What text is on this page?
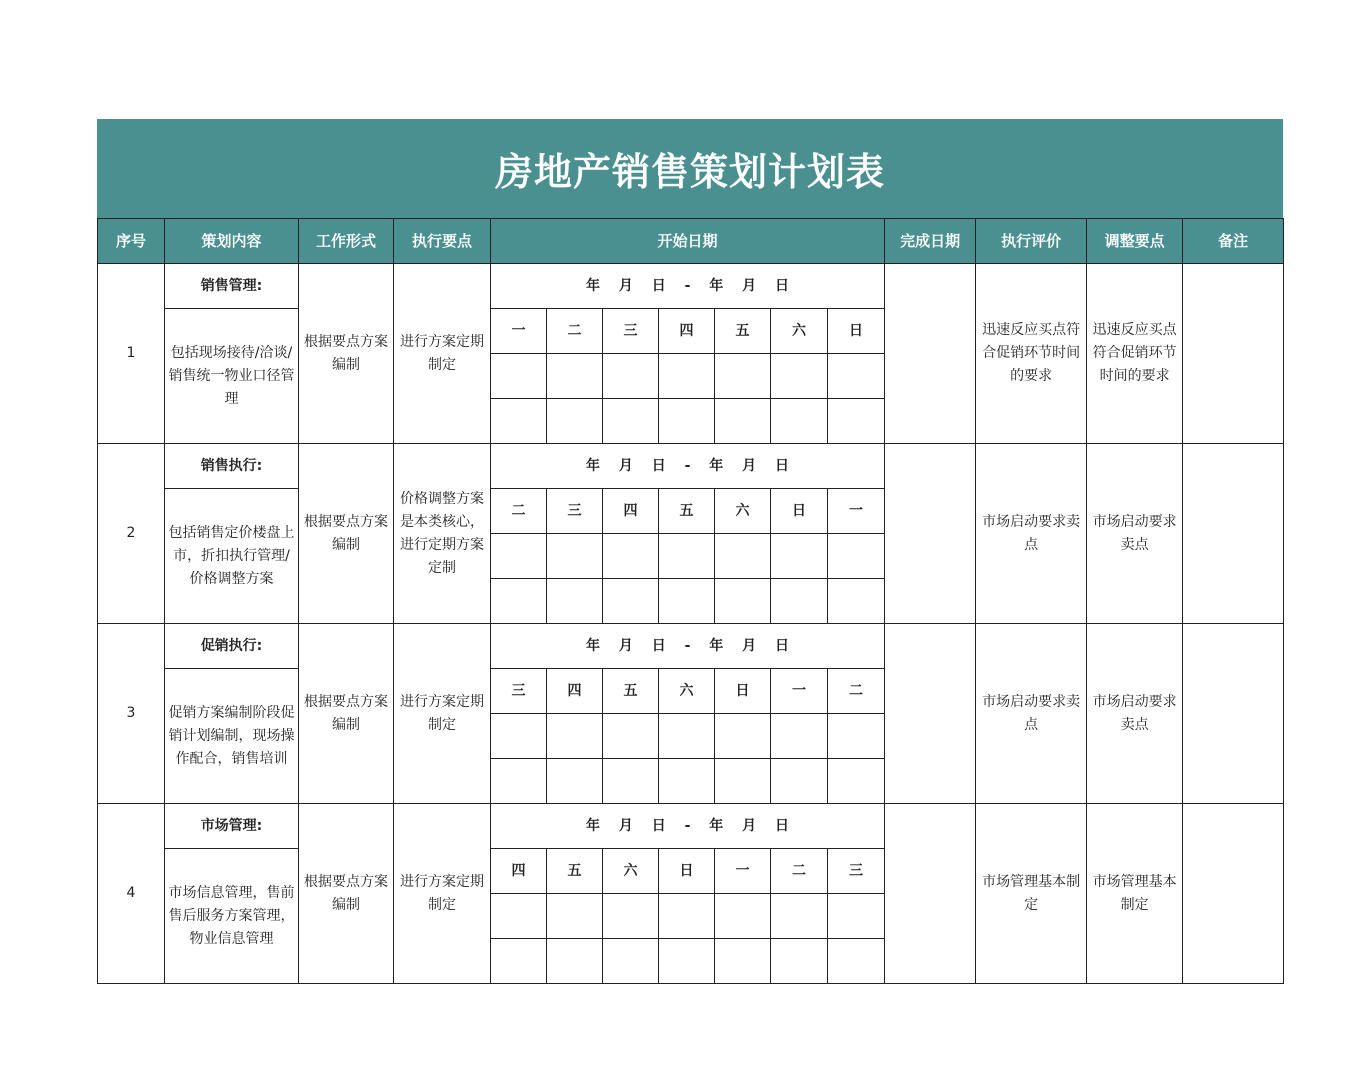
房地产销售策划计划表
序号	策划内容	工作形式	执行要点	开始日期							完成日期	执行评价	调整要点	备注
1	销售管理:	根据要点方案编制	进行方案定期制定	年 月 日 - 年 月 日								迅速反应买点符合促销环节时间的要求	迅速反应买点符合促销环节时间的要求	
	包括现场接待/洽谈/销售统一物业口径管理			一	二	三	四	五	六	日				

2	销售执行:	根据要点方案编制	价格调整方案是本类核心，进行定期方案定制	年 月 日 - 年 月 日								市场启动要求卖点	市场启动要求卖点	
	包括销售定价楼盘上市，折扣执行管理/价格调整方案			二	三	四	五	六	日	一				

3	促销执行:	根据要点方案编制	进行方案定期制定	年 月 日 - 年 月 日								市场启动要求卖点	市场启动要求卖点	
	促销方案编制阶段促销计划编制，现场操作配合，销售培训			三	四	五	六	日	一	二				

4	市场管理:	根据要点方案编制	进行方案定期制定	年 月 日 - 年 月 日								市场管理基本制定	市场管理基本制定	
	市场信息管理，售前售后服务方案管理，物业信息管理			四	五	六	日	一	二	三				
